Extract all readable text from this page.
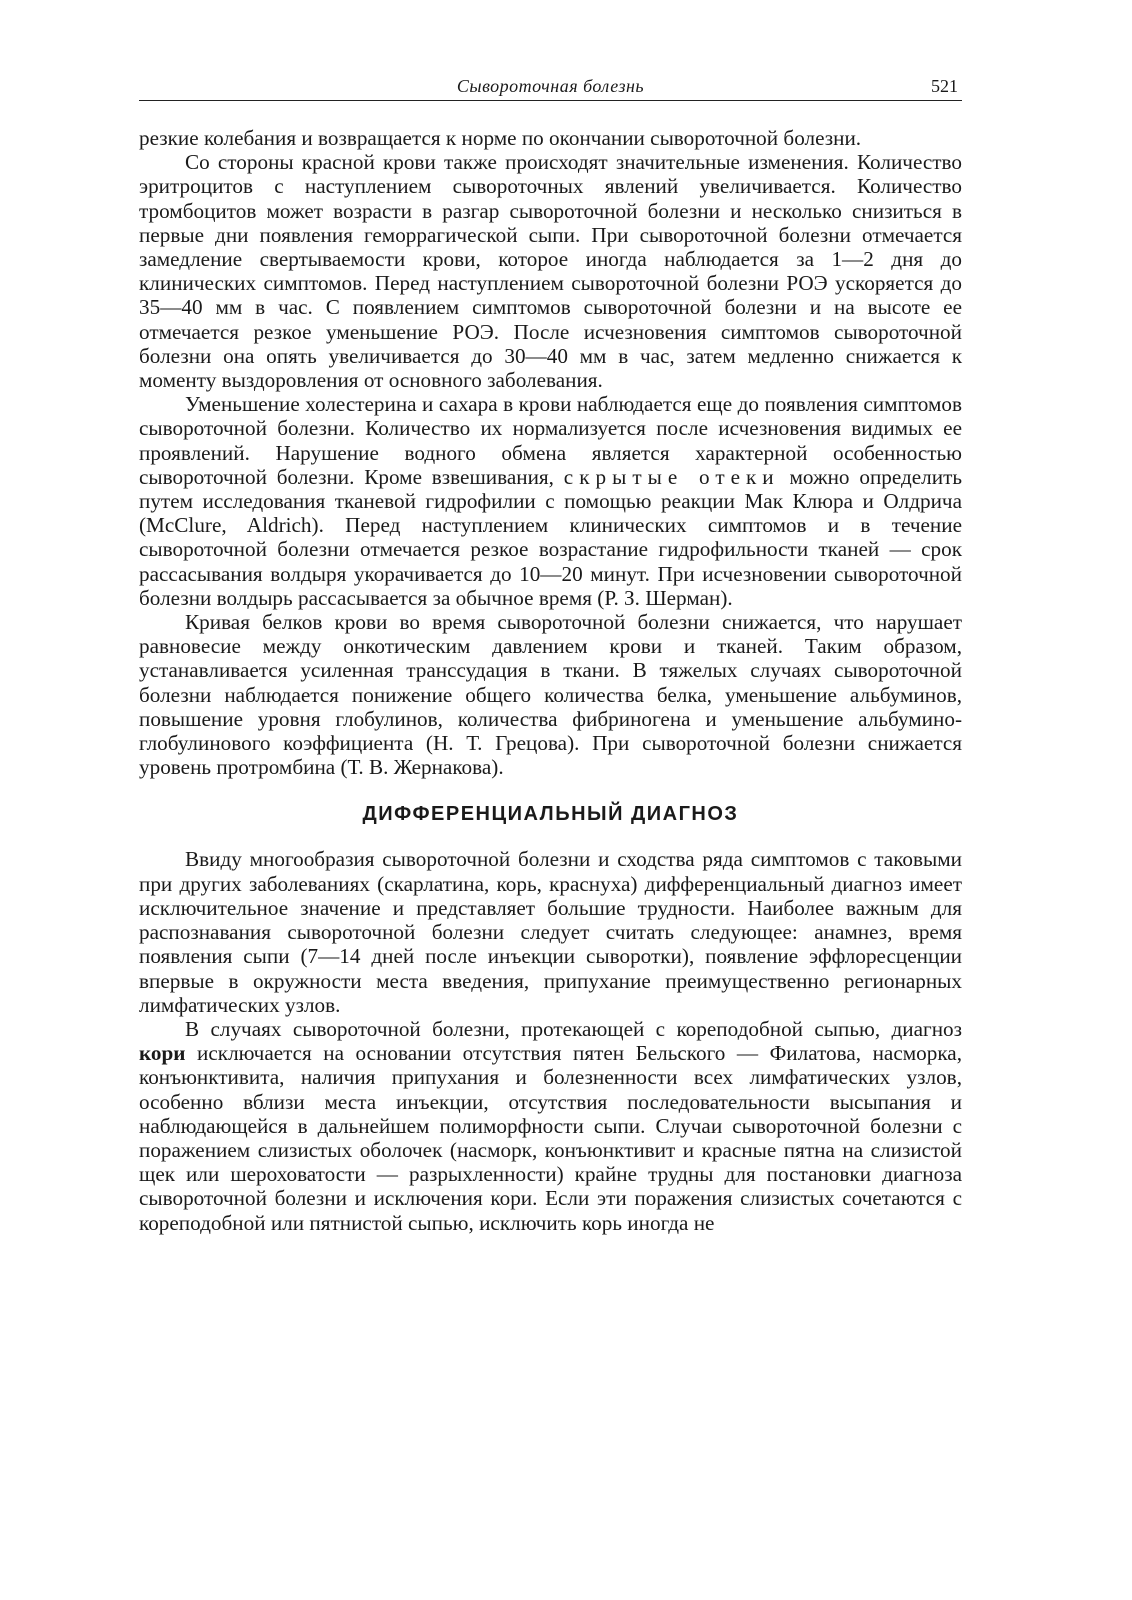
Сывороточная болезнь	521

резкие колебания и возвращается к норме по окончании сывороточной болезни.

Со стороны красной крови также происходят значительные изменения. Количество эритроцитов с наступлением сывороточных явлений увеличивается. Количество тромбоцитов может возрасти в разгар сывороточной болезни и несколько снизиться в первые дни появления геморрагической сыпи. При сывороточной болезни отмечается замедление свертываемости крови, которое иногда наблюдается за 1—2 дня до клинических симптомов. Перед наступлением сывороточной болезни РОЭ ускоряется до 35—40 мм в час. С появлением симптомов сывороточной болезни и на высоте ее отмечается резкое уменьшение РОЭ. После исчезновения симптомов сывороточной болезни она опять увеличивается до 30—40 мм в час, затем медленно снижается к моменту выздоровления от основного заболевания.

Уменьшение холестерина и сахара в крови наблюдается еще до появления симптомов сывороточной болезни. Количество их нормализуется после исчезновения видимых ее проявлений. Нарушение водного обмена является характерной особенностью сывороточной болезни. Кроме взвешивания, скрытые отеки можно определить путем исследования тканевой гидрофилии с помощью реакции Мак Клюра и Олдрича (McClure, Aldrich). Перед наступлением клинических симптомов и в течение сывороточной болезни отмечается резкое возрастание гидрофильности тканей — срок рассасывания волдыря укорачивается до 10—20 минут. При исчезновении сывороточной болезни волдырь рассасывается за обычное время (Р. З. Шерман).

Кривая белков крови во время сывороточной болезни снижается, что нарушает равновесие между онкотическим давлением крови и тканей. Таким образом, устанавливается усиленная транссудация в ткани. В тяжелых случаях сывороточной болезни наблюдается понижение общего количества белка, уменьшение альбуминов, повышение уровня глобулинов, количества фибриногена и уменьшение альбумино-глобулинового коэффициента (Н. Т. Грецова). При сывороточной болезни снижается уровень протромбина (Т. В. Жернакова).

ДИФФЕРЕНЦИАЛЬНЫЙ ДИАГНОЗ

Ввиду многообразия сывороточной болезни и сходства ряда симптомов с таковыми при других заболеваниях (скарлатина, корь, краснуха) дифференциальный диагноз имеет исключительное значение и представляет большие трудности. Наиболее важным для распознавания сывороточной болезни следует считать следующее: анамнез, время появления сыпи (7—14 дней после инъекции сыворотки), появление эффлоресценции впервые в окружности места введения, припухание преимущественно регионарных лимфатических узлов.

В случаях сывороточной болезни, протекающей с кореподобной сыпью, диагноз кори исключается на основании отсутствия пятен Бельского — Филатова, насморка, конъюнктивита, наличия припухания и болезненности всех лимфатических узлов, особенно вблизи места инъекции, отсутствия последовательности высыпания и наблюдающейся в дальнейшем полиморфности сыпи. Случаи сывороточной болезни с поражением слизистых оболочек (насморк, конъюнктивит и красные пятна на слизистой щек или шероховатости — разрыхленности) крайне трудны для постановки диагноза сывороточной болезни и исключения кори. Если эти поражения слизистых сочетаются с кореподобной или пятнистой сыпью, исключить корь иногда не
